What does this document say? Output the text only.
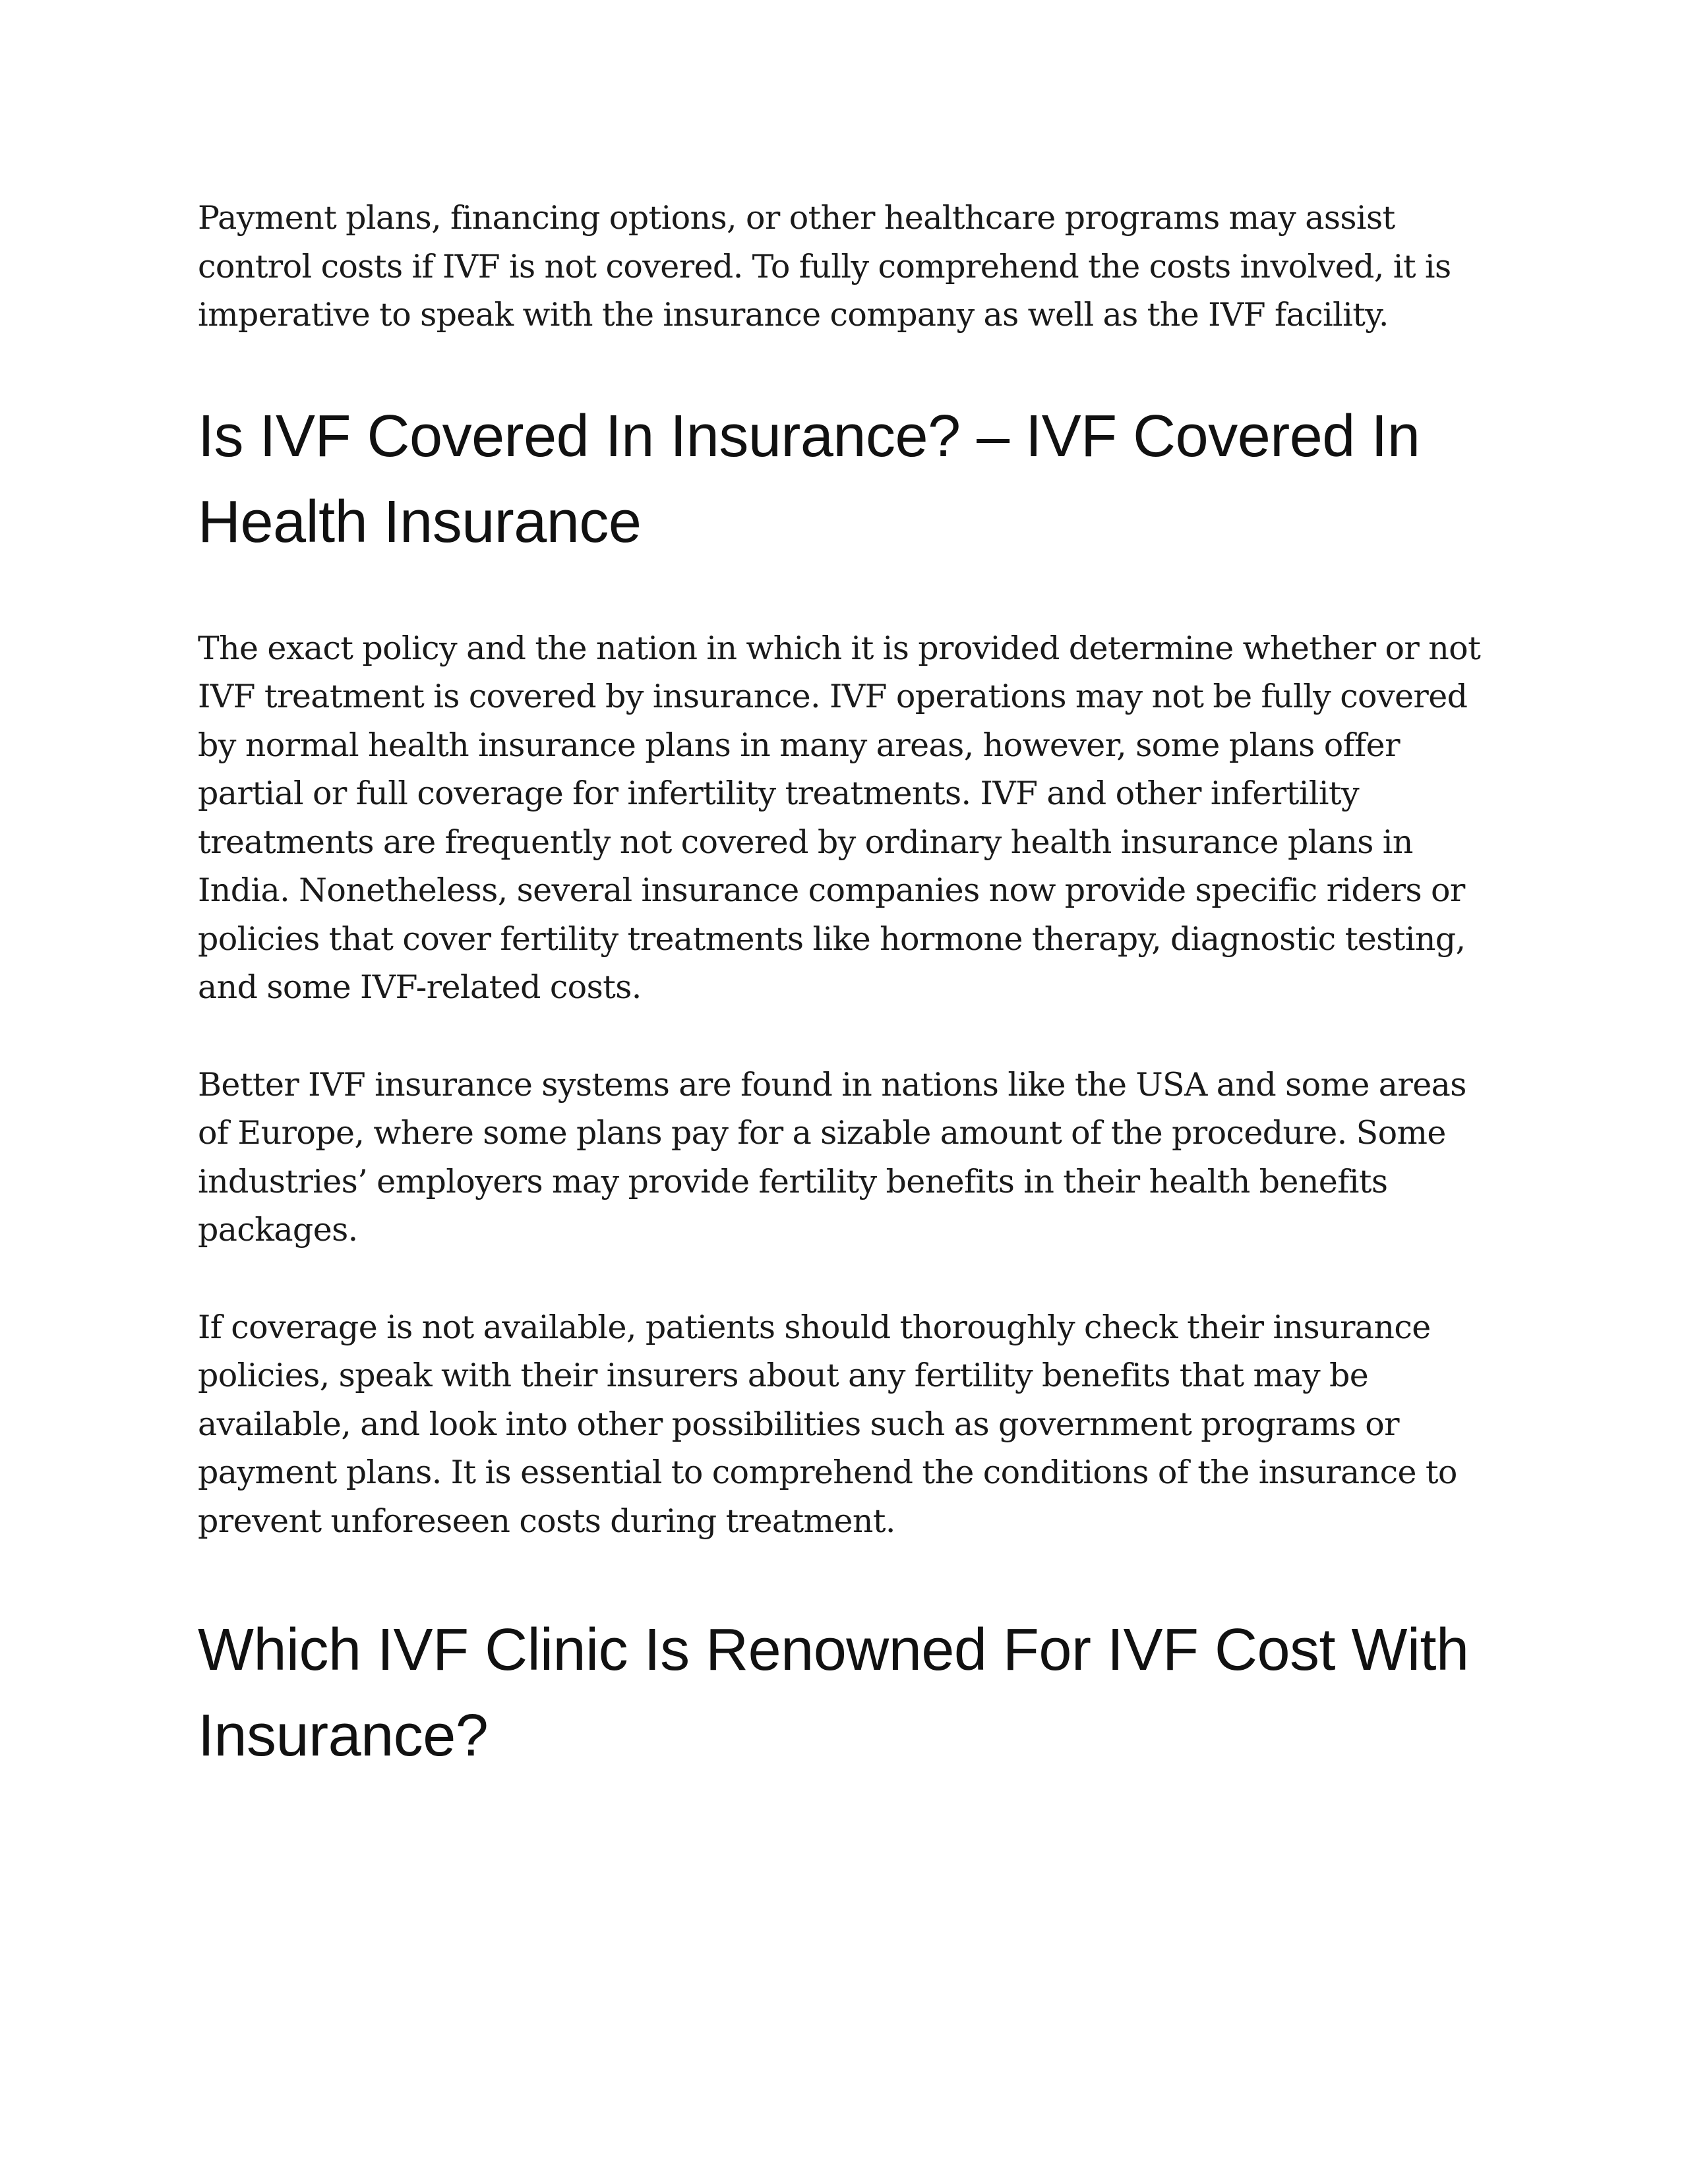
Payment plans, financing options, or other healthcare programs may assist control costs if IVF is not covered. To fully comprehend the costs involved, it is imperative to speak with the insurance company as well as the IVF facility.

Is IVF Covered In Insurance? – IVF Covered In Health Insurance

The exact policy and the nation in which it is provided determine whether or not IVF treatment is covered by insurance. IVF operations may not be fully covered by normal health insurance plans in many areas, however, some plans offer partial or full coverage for infertility treatments. IVF and other infertility treatments are frequently not covered by ordinary health insurance plans in India. Nonetheless, several insurance companies now provide specific riders or policies that cover fertility treatments like hormone therapy, diagnostic testing, and some IVF-related costs.

Better IVF insurance systems are found in nations like the USA and some areas of Europe, where some plans pay for a sizable amount of the procedure. Some industries’ employers may provide fertility benefits in their health benefits packages.

If coverage is not available, patients should thoroughly check their insurance policies, speak with their insurers about any fertility benefits that may be available, and look into other possibilities such as government programs or payment plans. It is essential to comprehend the conditions of the insurance to prevent unforeseen costs during treatment.

Which IVF Clinic Is Renowned For IVF Cost With Insurance?
